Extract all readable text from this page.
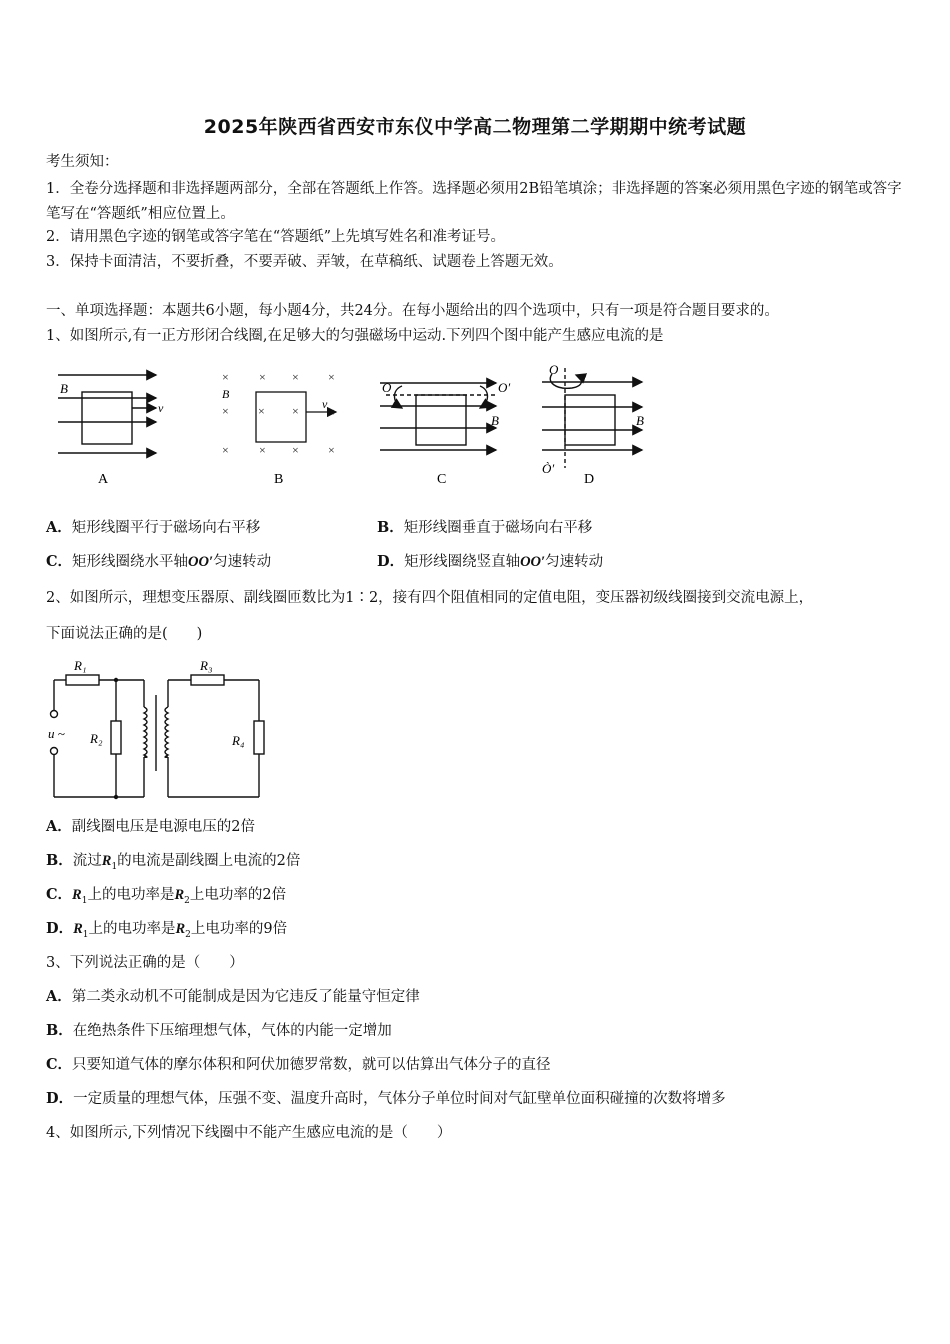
2025年陕西省西安市东仪中学高二物理第二学期期中统考试题
考生须知：
1．全卷分选择题和非选择题两部分，全部在答题纸上作答。选择题必须用2B铅笔填涂；非选择题的答案必须用黑色字迹的钢笔或答字笔写在“答题纸”相应位置上。
2．请用黑色字迹的钢笔或答字笔在“答题纸”上先填写姓名和准考证号。
3．保持卡面清洁，不要折叠，不要弄破、弄皱，在草稿纸、试题卷上答题无效。
一、单项选择题：本题共6小题，每小题4分，共24分。在每小题给出的四个选项中，只有一项是符合题目要求的。
1、如图所示,有一正方形闭合线圈,在足够大的匀强磁场中运动.下列四个图中能产生感应电流的是
B
v
A
×	× × ×
× × × ×
×	× × ×
B
v
B
O	O′
B
C
O
Ò′
B
D
A．矩形线圈平行于磁场向右平移	B．矩形线圈垂直于磁场向右平移
C．矩形线圈绕水平轴OO′匀速转动	D．矩形线圈绕竖直轴OO′匀速转动
2、如图所示，理想变压器原、副线圈匝数比为1∶2，接有四个阻值相同的定值电阻，变压器初级线圈接到交流电源上，
下面说法正确的是(　　)
R₁
R₂
R₃
R₄
u ~
A．副线圈电压是电源电压的2倍
B．流过$R_1$的电流是副线圈上电流的2倍
C．$R_1$上的电功率是$R_2$上电功率的2倍
D．$R_1$上的电功率是$R_2$上电功率的9倍
3、下列说法正确的是（　　）
A．第二类永动机不可能制成是因为它违反了能量守恒定律
B．在绝热条件下压缩理想气体，气体的内能一定增加
C．只要知道气体的摩尔体积和阿伏加德罗常数，就可以估算出气体分子的直径
D．一定质量的理想气体，压强不变、温度升高时，气体分子单位时间对气缸壁单位面积碰撞的次数将增多
4、如图所示,下列情况下线圈中不能产生感应电流的是（　　）
